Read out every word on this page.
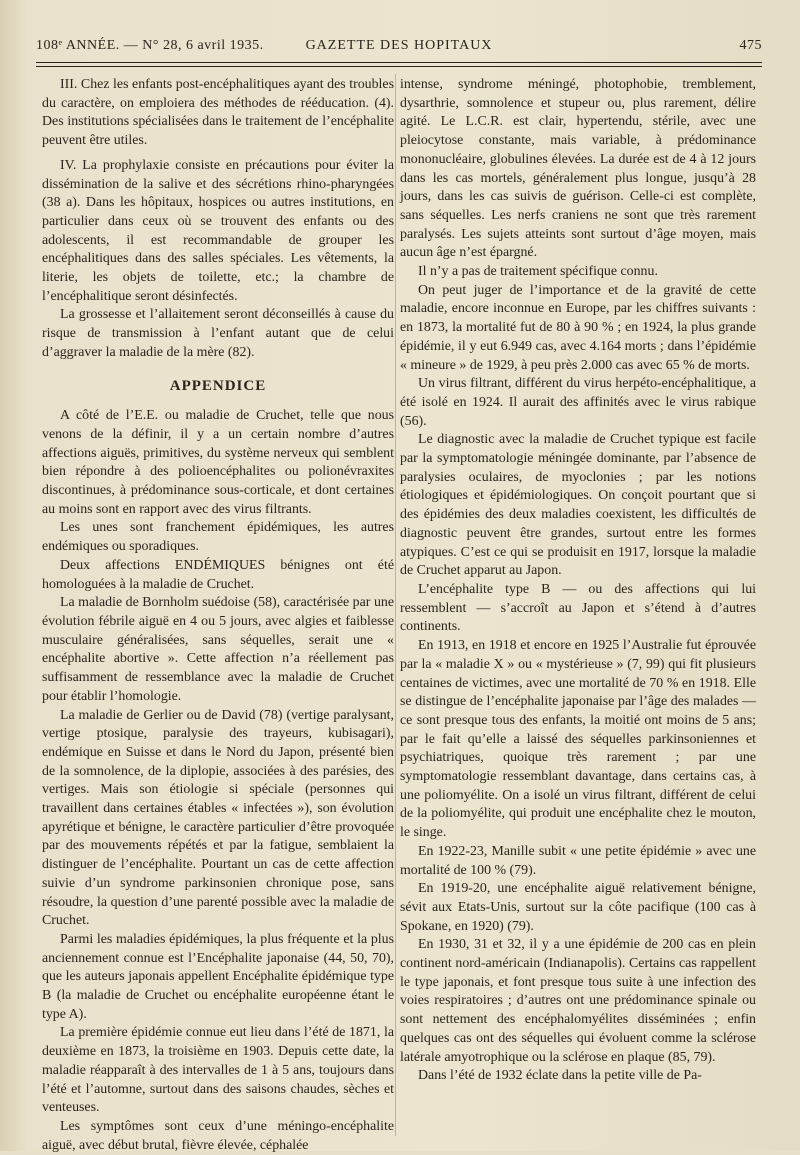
108ᵉ ANNÉE. — N° 28, 6 avril 1935.	GAZETTE DES HOPITAUX	475

III. Chez les enfants post-encéphalitiques ayant des troubles du caractère, on emploiera des méthodes de rééducation. (4). Des institutions spécialisées dans le traitement de l’encéphalite peuvent être utiles.

IV. La prophylaxie consiste en précautions pour éviter la dissémination de la salive et des sécrétions rhino-pharyngées (38 a). Dans les hôpitaux, hospices ou autres institutions, en particulier dans ceux où se trouvent des enfants ou des adolescents, il est recommandable de grouper les encéphalitiques dans des salles spéciales. Les vêtements, la literie, les objets de toilette, etc.; la chambre de l’encéphalitique seront désinfectés.

La grossesse et l’allaitement seront déconseillés à cause du risque de transmission à l’enfant autant que de celui d’aggraver la maladie de la mère (82).

APPENDICE

A côté de l’E.E. ou maladie de Cruchet, telle que nous venons de la définir, il y a un certain nombre d’autres affections aiguës, primitives, du système nerveux qui semblent bien répondre à des polioencéphalites ou polionévraxites discontinues, à prédominance sous-corticale, et dont certaines au moins sont en rapport avec des virus filtrants.

Les unes sont franchement épidémiques, les autres endémiques ou sporadiques.

Deux affections ENDÉMIQUES bénignes ont été homologuées à la maladie de Cruchet.

La maladie de Bornholm suédoise (58), caractérisée par une évolution fébrile aiguë en 4 ou 5 jours, avec algies et faiblesse musculaire généralisées, sans séquelles, serait une « encéphalite abortive ». Cette affection n’a réellement pas suffisamment de ressemblance avec la maladie de Cruchet pour établir l’homologie.

La maladie de Gerlier ou de David (78) (vertige paralysant, vertige ptosique, paralysie des trayeurs, kubisagari), endémique en Suisse et dans le Nord du Japon, présenté bien de la somnolence, de la diplopie, associées à des parésies, des vertiges. Mais son étiologie si spéciale (personnes qui travaillent dans certaines étables « infectées »), son évolution apyrétique et bénigne, le caractère particulier d’être provoquée par des mouvements répétés et par la fatigue, semblaient la distinguer de l’encéphalite. Pourtant un cas de cette affection suivie d’un syndrome parkinsonien chronique pose, sans résoudre, la question d’une parenté possible avec la maladie de Cruchet.

Parmi les maladies épidémiques, la plus fréquente et la plus anciennement connue est l’Encéphalite japonaise (44, 50, 70), que les auteurs japonais appellent Encéphalite épidémique type B (la maladie de Cruchet ou encéphalite européenne étant le type A).

La première épidémie connue eut lieu dans l’été de 1871, la deuxième en 1873, la troisième en 1903. Depuis cette date, la maladie réapparaît à des intervalles de 1 à 5 ans, toujours dans l’été et l’automne, surtout dans des saisons chaudes, sèches et venteuses.

Les symptômes sont ceux d’une méningo-encéphalite aiguë, avec début brutal, fièvre élevée, céphalée

intense, syndrome méningé, photophobie, tremblement, dysarthrie, somnolence et stupeur ou, plus rarement, délire agité. Le L.C.R. est clair, hypertendu, stérile, avec une pleiocytose constante, mais variable, à prédominance mononucléaire, globulines élevées. La durée est de 4 à 12 jours dans les cas mortels, généralement plus longue, jusqu’à 28 jours, dans les cas suivis de guérison. Celle-ci est complète, sans séquelles. Les nerfs craniens ne sont que très rarement paralysés. Les sujets atteints sont surtout d’âge moyen, mais aucun âge n’est épargné.

Il n’y a pas de traitement spécifique connu.

On peut juger de l’importance et de la gravité de cette maladie, encore inconnue en Europe, par les chiffres suivants : en 1873, la mortalité fut de 80 à 90 % ; en 1924, la plus grande épidémie, il y eut 6.949 cas, avec 4.164 morts ; dans l’épidémie « mineure » de 1929, à peu près 2.000 cas avec 65 % de morts.

Un virus filtrant, différent du virus herpéto-encéphalitique, a été isolé en 1924. Il aurait des affinités avec le virus rabique (56).

Le diagnostic avec la maladie de Cruchet typique est facile par la symptomatologie méningée dominante, par l’absence de paralysies oculaires, de myoclonies ; par les notions étiologiques et épidémiologiques. On conçoit pourtant que si des épidémies des deux maladies coexistent, les difficultés de diagnostic peuvent être grandes, surtout entre les formes atypiques. C’est ce qui se produisit en 1917, lorsque la maladie de Cruchet apparut au Japon.

L’encéphalite type B — ou des affections qui lui ressemblent — s’accroît au Japon et s’étend à d’autres continents.

En 1913, en 1918 et encore en 1925 l’Australie fut éprouvée par la « maladie X » ou « mystérieuse » (7, 99) qui fit plusieurs centaines de victimes, avec une mortalité de 70 % en 1918. Elle se distingue de l’encéphalite japonaise par l’âge des malades — ce sont presque tous des enfants, la moitié ont moins de 5 ans; par le fait qu’elle a laissé des séquelles parkinsoniennes et psychiatriques, quoique très rarement ; par une symptomatologie ressemblant davantage, dans certains cas, à une poliomyélite. On a isolé un virus filtrant, différent de celui de la poliomyélite, qui produit une encéphalite chez le mouton, le singe.

En 1922-23, Manille subit « une petite épidémie » avec une mortalité de 100 % (79).

En 1919-20, une encéphalite aiguë relativement bénigne, sévit aux Etats-Unis, surtout sur la côte pacifique (100 cas à Spokane, en 1920) (79).

En 1930, 31 et 32, il y a une épidémie de 200 cas en plein continent nord-américain (Indianapolis). Certains cas rappellent le type japonais, et font presque tous suite à une infection des voies respiratoires ; d’autres ont une prédominance spinale ou sont nettement des encéphalomyélites disséminées ; enfin quelques cas ont des séquelles qui évoluent comme la sclérose latérale amyotrophique ou la sclérose en plaque (85, 79).

Dans l’été de 1932 éclate dans la petite ville de Pa-
